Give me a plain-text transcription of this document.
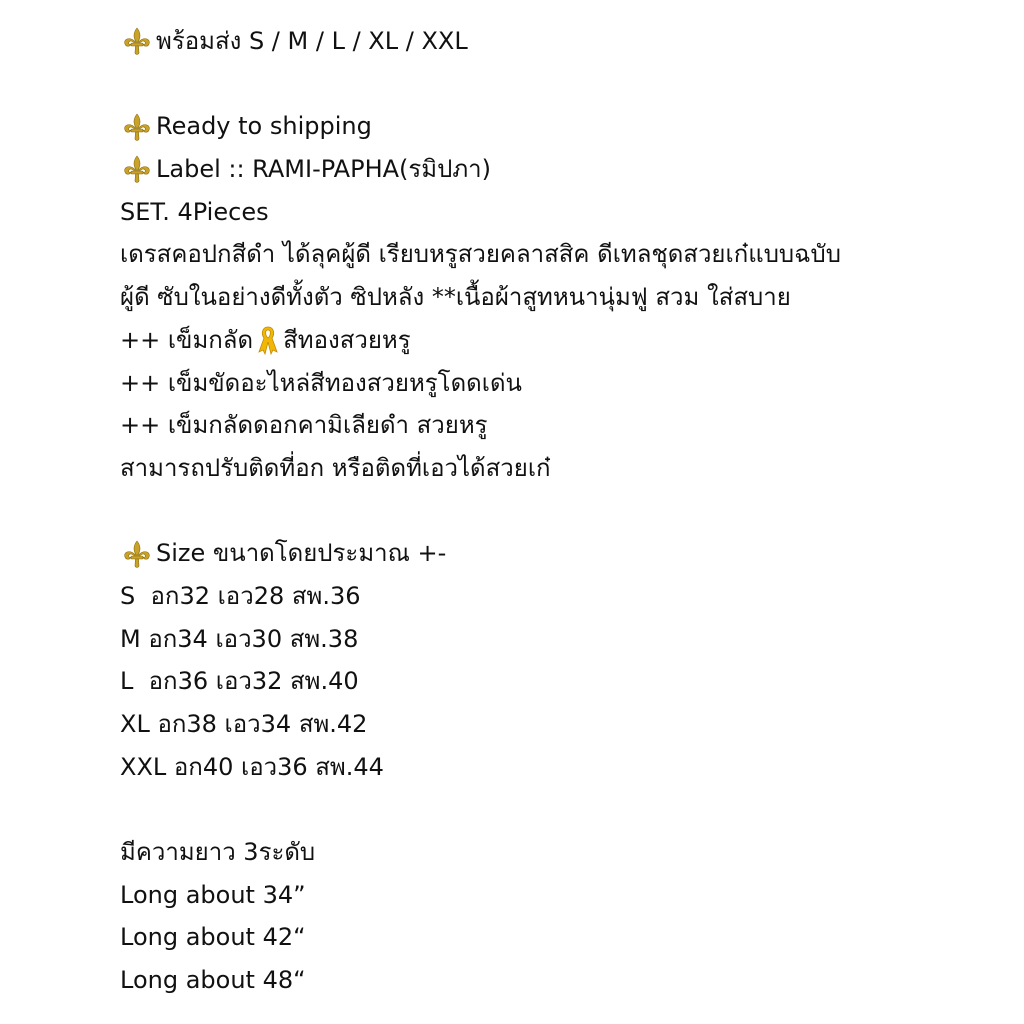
พร้อมส่ง S / M / L / XL / XXL
Ready to shipping
Label :: RAMI-PAPHA(รมิปภา)
SET. 4Pieces
เดรสคอปกสีดำ ได้ลุคผู้ดี เรียบหรูสวยคลาสสิค ดีเทลชุดสวยเก๋แบบฉบับ
ผู้ดี ซับในอย่างดีทั้งตัว ซิปหลัง **เนื้อผ้าสูทหนานุ่มฟู สวม ใส่สบาย
++ เข็มกลัด สีทองสวยหรู
++ เข็มขัดอะไหล่สีทองสวยหรูโดดเด่น
++ เข็มกลัดดอกคามิเลียดำ สวยหรู
สามารถปรับติดที่อก หรือติดที่เอวได้สวยเก๋
Size ขนาดโดยประมาณ +-
S  อก32 เอว28 สพ.36
M อก34 เอว30 สพ.38
L  อก36 เอว32 สพ.40
XL อก38 เอว34 สพ.42
XXL อก40 เอว36 สพ.44
มีความยาว 3ระดับ
Long about 34”
Long about 42“
Long about 48“
